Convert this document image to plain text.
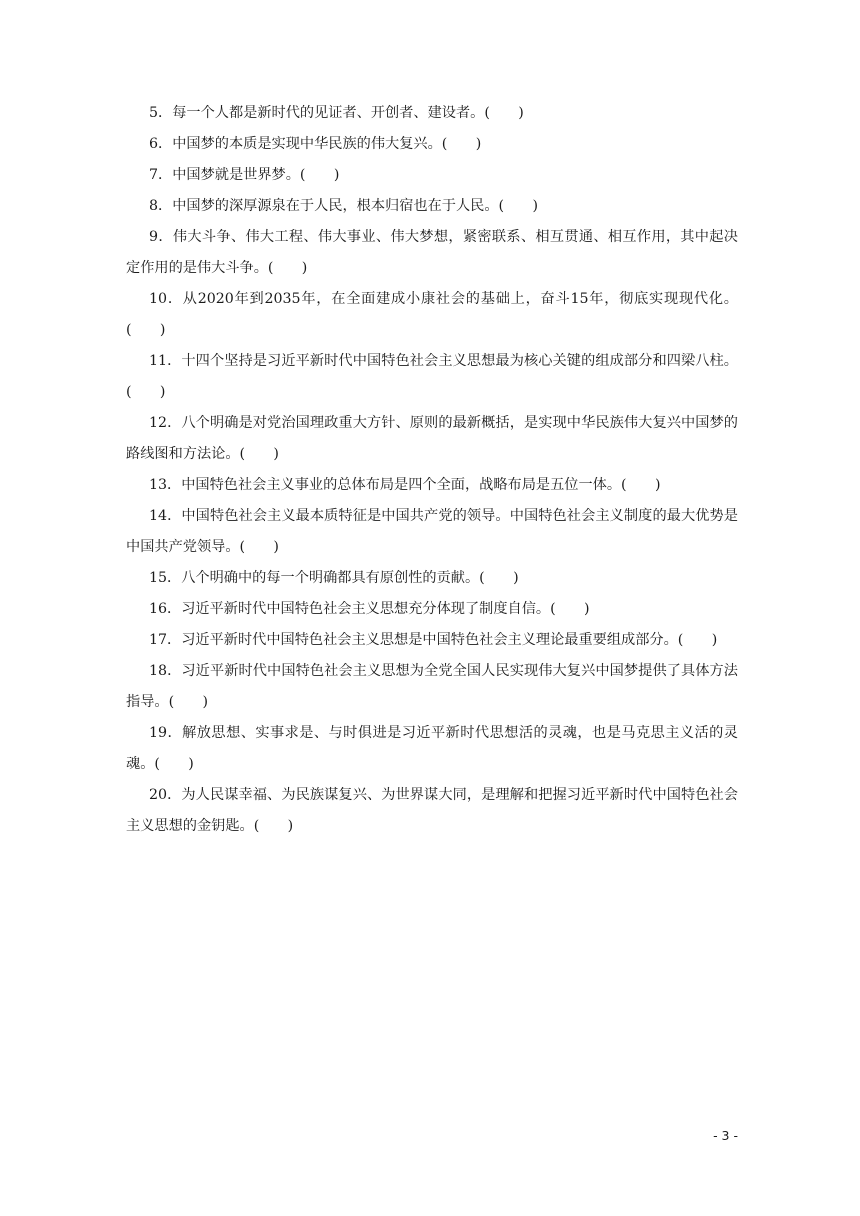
5．每一个人都是新时代的见证者、开创者、建设者。(　　)

6．中国梦的本质是实现中华民族的伟大复兴。(　　)

7．中国梦就是世界梦。(　　)

8．中国梦的深厚源泉在于人民，根本归宿也在于人民。(　　)

9．伟大斗争、伟大工程、伟大事业、伟大梦想，紧密联系、相互贯通、相互作用，其中起决定作用的是伟大斗争。(　　)

10．从2020年到2035年，在全面建成小康社会的基础上，奋斗15年，彻底实现现代化。(　　)

11．十四个坚持是习近平新时代中国特色社会主义思想最为核心关键的组成部分和四梁八柱。(　　)

12．八个明确是对党治国理政重大方针、原则的最新概括，是实现中华民族伟大复兴中国梦的路线图和方法论。(　　)

13．中国特色社会主义事业的总体布局是四个全面，战略布局是五位一体。(　　)

14．中国特色社会主义最本质特征是中国共产党的领导。中国特色社会主义制度的最大优势是中国共产党领导。(　　)

15．八个明确中的每一个明确都具有原创性的贡献。(　　)

16．习近平新时代中国特色社会主义思想充分体现了制度自信。(　　)

17．习近平新时代中国特色社会主义思想是中国特色社会主义理论最重要组成部分。(　　)

18．习近平新时代中国特色社会主义思想为全党全国人民实现伟大复兴中国梦提供了具体方法指导。(　　)

19．解放思想、实事求是、与时俱进是习近平新时代思想活的灵魂，也是马克思主义活的灵魂。(　　)

20．为人民谋幸福、为民族谋复兴、为世界谋大同，是理解和把握习近平新时代中国特色社会主义思想的金钥匙。(　　)

- 3 -
